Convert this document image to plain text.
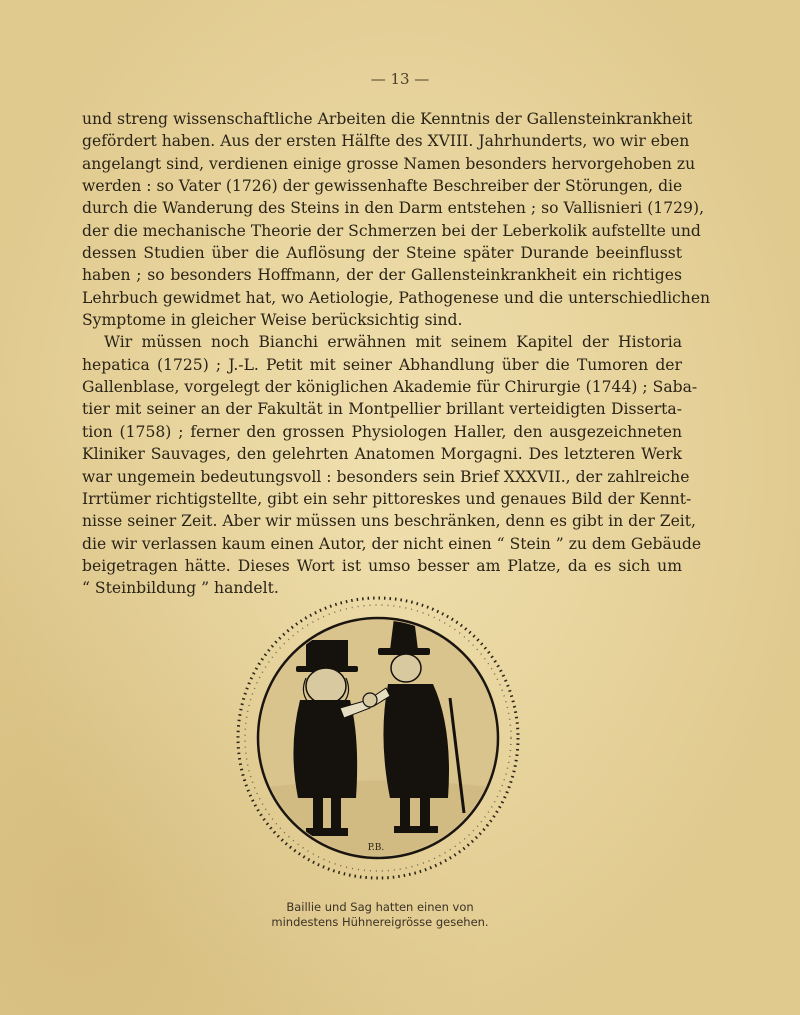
— 13 —
und streng wissenschaftliche Arbeiten die Kenntnis der Gallensteinkrankheit
gefördert haben. Aus der ersten Hälfte des XVIII. Jahrhunderts, wo wir eben
angelangt sind, verdienen einige grosse Namen besonders hervorgehoben zu
werden : so Vater (1726) der gewissenhafte Beschreiber der Störungen, die
durch die Wanderung des Steins in den Darm entstehen ; so Vallisnieri (1729),
der die mechanische Theorie der Schmerzen bei der Leberkolik aufstellte und
dessen Studien über die Auflösung der Steine später Durande beeinflusst
haben ; so besonders Hoffmann, der der Gallensteinkrankheit ein richtiges
Lehrbuch gewidmet hat, wo Aetiologie, Pathogenese und die unterschiedlichen
Symptome in gleicher Weise berücksichtig sind.
Wir müssen noch Bianchi erwähnen mit seinem Kapitel der Historia
hepatica (1725) ; J.-L. Petit mit seiner Abhandlung über die Tumoren der
Gallenblase, vorgelegt der königlichen Akademie für Chirurgie (1744) ; Saba-
tier mit seiner an der Fakultät in Montpellier brillant verteidigten Disserta-
tion (1758) ; ferner den grossen Physiologen Haller, den ausgezeichneten
Kliniker Sauvages, den gelehrten Anatomen Morgagni. Des letzteren Werk
war ungemein bedeutungsvoll : besonders sein Brief XXXVII., der zahlreiche
Irrtümer richtigstellte, gibt ein sehr pittoreskes und genaues Bild der Kennt-
nisse seiner Zeit. Aber wir müssen uns beschränken, denn es gibt in der Zeit,
die wir verlassen kaum einen Autor, der nicht einen “ Stein ” zu dem Gebäude
beigetragen hätte. Dieses Wort ist umso besser am Platze, da es sich um
“ Steinbildung ” handelt.
P.B.
Baillie und Sag hatten einen von
mindestens Hühnereigrösse gesehen.
